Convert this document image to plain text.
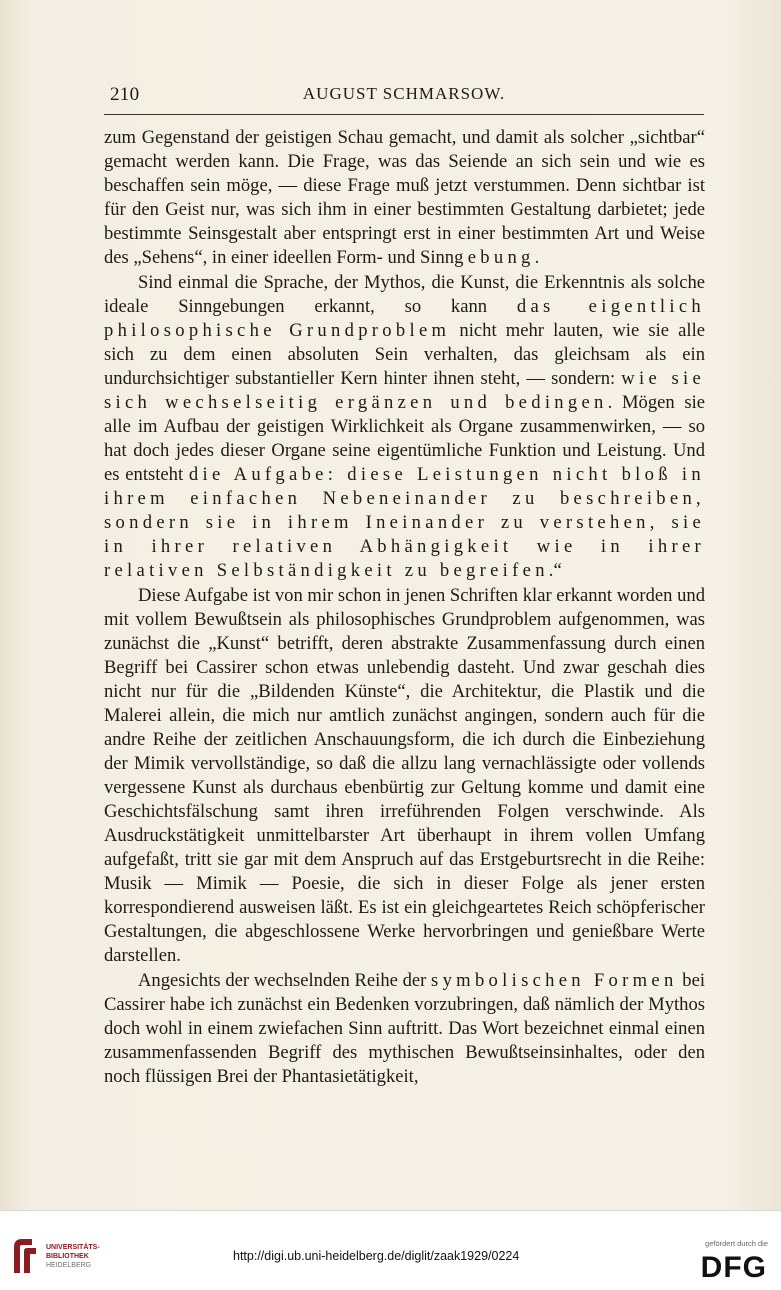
210	AUGUST SCHMARSOW.

zum Gegenstand der geistigen Schau gemacht, und damit als solcher „sichtbar“ gemacht werden kann. Die Frage, was das Seiende an sich sein und wie es beschaffen sein möge, — diese Frage muß jetzt verstummen. Denn sichtbar ist für den Geist nur, was sich ihm in einer bestimmten Gestaltung darbietet; jede bestimmte Seinsgestalt aber entspringt erst in einer bestimmten Art und Weise des „Sehens“, in einer ideellen Form- und Sinngebung.

Sind einmal die Sprache, der Mythos, die Kunst, die Erkenntnis als solche ideale Sinngebungen erkannt, so kann das eigentlich philosophische Grundproblem nicht mehr lauten, wie sie alle sich zu dem einen absoluten Sein verhalten, das gleichsam als ein undurchsichtiger substantieller Kern hinter ihnen steht, — sondern: wie sie sich wechselseitig ergänzen und bedingen. Mögen sie alle im Aufbau der geistigen Wirklichkeit als Organe zusammenwirken, — so hat doch jedes dieser Organe seine eigentümliche Funktion und Leistung. Und es entsteht die Aufgabe: diese Leistungen nicht bloß in ihrem einfachen Nebeneinander zu beschreiben, sondern sie in ihrem Ineinander zu verstehen, sie in ihrer relativen Abhängigkeit wie in ihrer relativen Selbständigkeit zu begreifen.“

Diese Aufgabe ist von mir schon in jenen Schriften klar erkannt worden und mit vollem Bewußtsein als philosophisches Grundproblem aufgenommen, was zunächst die „Kunst“ betrifft, deren abstrakte Zusammenfassung durch einen Begriff bei Cassirer schon etwas unlebendig dasteht. Und zwar geschah dies nicht nur für die „Bildenden Künste“, die Architektur, die Plastik und die Malerei allein, die mich nur amtlich zunächst angingen, sondern auch für die andre Reihe der zeitlichen Anschauungsform, die ich durch die Einbeziehung der Mimik vervollständige, so daß die allzu lang vernachlässigte oder vollends vergessene Kunst als durchaus ebenbürtig zur Geltung komme und damit eine Geschichtsfälschung samt ihren irreführenden Folgen verschwinde. Als Ausdruckstätigkeit unmittelbarster Art überhaupt in ihrem vollen Umfang aufgefaßt, tritt sie gar mit dem Anspruch auf das Erstgeburtsrecht in die Reihe: Musik — Mimik — Poesie, die sich in dieser Folge als jener ersten korrespondierend ausweisen läßt. Es ist ein gleichgeartetes Reich schöpferischer Gestaltungen, die abgeschlossene Werke hervorbringen und genießbare Werte darstellen.

Angesichts der wechselnden Reihe der symbolischen Formen bei Cassirer habe ich zunächst ein Bedenken vorzubringen, daß nämlich der Mythos doch wohl in einem zwiefachen Sinn auftritt. Das Wort bezeichnet einmal einen zusammenfassenden Begriff des mythischen Bewußtseinsinhaltes, oder den noch flüssigen Brei der Phantasietätigkeit,

UNIVERSITÄTS-
BIBLIOTHEK
HEIDELBERG
http://digi.ub.uni-heidelberg.de/diglit/zaak1929/0224
gefördert durch die
DFG
